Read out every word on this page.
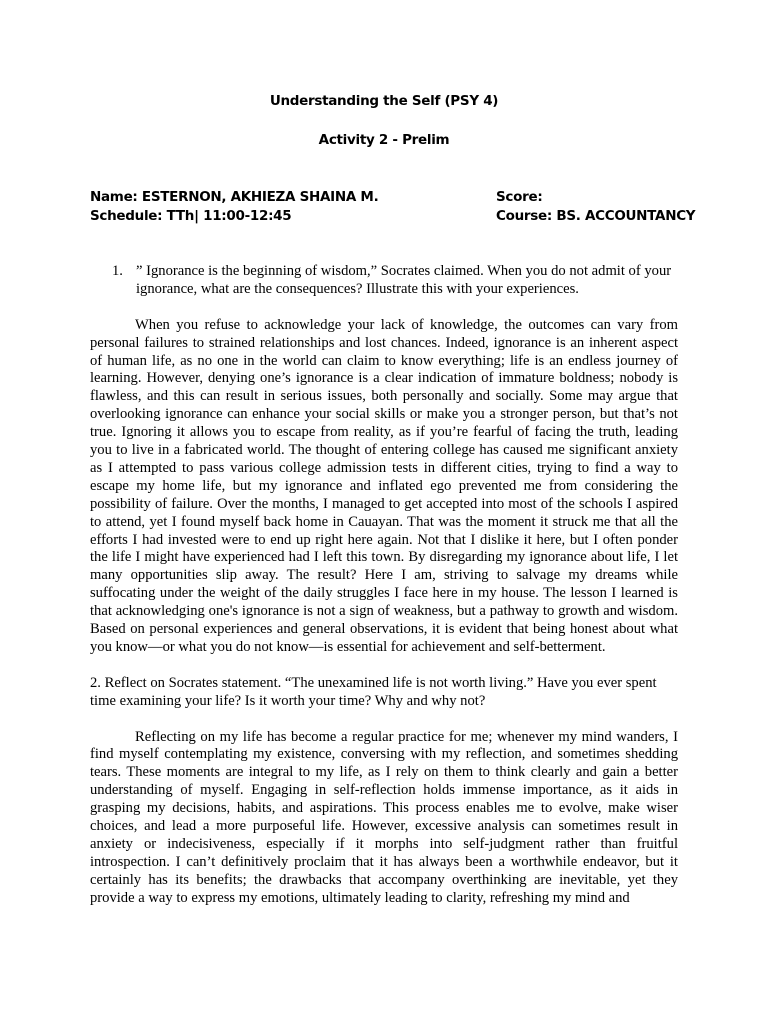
Understanding the Self (PSY 4)
Activity 2 - Prelim
Name: ESTERNON, AKHIEZA SHAINA M.	Score:
Schedule: TTh| 11:00-12:45	Course: BS. ACCOUNTANCY
1. ” Ignorance is the beginning of wisdom,” Socrates claimed. When you do not admit of your ignorance, what are the consequences? Illustrate this with your experiences.

When you refuse to acknowledge your lack of knowledge, the outcomes can vary from personal failures to strained relationships and lost chances. Indeed, ignorance is an inherent aspect of human life, as no one in the world can claim to know everything; life is an endless journey of learning. However, denying one’s ignorance is a clear indication of immature boldness; nobody is flawless, and this can result in serious issues, both personally and socially. Some may argue that overlooking ignorance can enhance your social skills or make you a stronger person, but that’s not true. Ignoring it allows you to escape from reality, as if you’re fearful of facing the truth, leading you to live in a fabricated world. The thought of entering college has caused me significant anxiety as I attempted to pass various college admission tests in different cities, trying to find a way to escape my home life, but my ignorance and inflated ego prevented me from considering the possibility of failure. Over the months, I managed to get accepted into most of the schools I aspired to attend, yet I found myself back home in Cauayan. That was the moment it struck me that all the efforts I had invested were to end up right here again. Not that I dislike it here, but I often ponder the life I might have experienced had I left this town. By disregarding my ignorance about life, I let many opportunities slip away. The result? Here I am, striving to salvage my dreams while suffocating under the weight of the daily struggles I face here in my house. The lesson I learned is that acknowledging one's ignorance is not a sign of weakness, but a pathway to growth and wisdom. Based on personal experiences and general observations, it is evident that being honest about what you know—or what you do not know—is essential for achievement and self-betterment.

2. Reflect on Socrates statement. “The unexamined life is not worth living.” Have you ever spent time examining your life? Is it worth your time? Why and why not?

Reflecting on my life has become a regular practice for me; whenever my mind wanders, I find myself contemplating my existence, conversing with my reflection, and sometimes shedding tears. These moments are integral to my life, as I rely on them to think clearly and gain a better understanding of myself. Engaging in self-reflection holds immense importance, as it aids in grasping my decisions, habits, and aspirations. This process enables me to evolve, make wiser choices, and lead a more purposeful life. However, excessive analysis can sometimes result in anxiety or indecisiveness, especially if it morphs into self-judgment rather than fruitful introspection. I can’t definitively proclaim that it has always been a worthwhile endeavor, but it certainly has its benefits; the drawbacks that accompany overthinking are inevitable, yet they provide a way to express my emotions, ultimately leading to clarity, refreshing my mind and
